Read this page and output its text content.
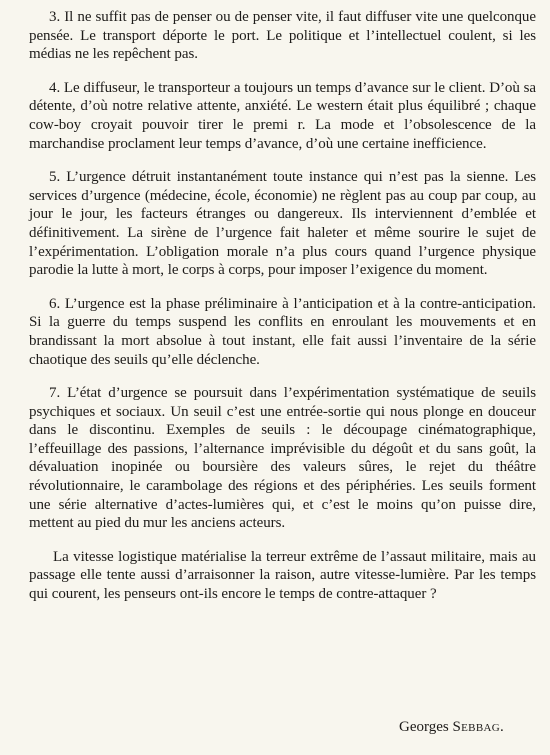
3. Il ne suffit pas de penser ou de penser vite, il faut diffuser vite une quelconque pensée. Le transport déporte le port. Le politique et l’intellectuel coulent, si les médias ne les repêchent pas.

4. Le diffuseur, le transporteur a toujours un temps d’avance sur le client. D’où sa détente, d’où notre relative attente, anxiété. Le western était plus équilibré ; chaque cow-boy croyait pouvoir tirer le premi r. La mode et l’obsolescence de la marchandise proclament leur temps d’avance, d’où une certaine inefficience.

5. L’urgence détruit instantanément toute instance qui n’est pas la sienne. Les services d’urgence (médecine, école, économie) ne règlent pas au coup par coup, au jour le jour, les facteurs étranges ou dangereux. Ils interviennent d’emblée et définitivement. La sirène de l’urgence fait haleter et même sourire le sujet de l’expérimentation. L’obligation morale n’a plus cours quand l’urgence physique parodie la lutte à mort, le corps à corps, pour imposer l’exigence du moment.

6. L’urgence est la phase préliminaire à l’anticipation et à la contre-anticipation. Si la guerre du temps suspend les conflits en enroulant les mouvements et en brandissant la mort absolue à tout instant, elle fait aussi l’inventaire de la série chaotique des seuils qu’elle déclenche.

7. L’état d’urgence se poursuit dans l’expérimentation systématique de seuils psychiques et sociaux. Un seuil c’est une entrée-sortie qui nous plonge en douceur dans le discontinu. Exemples de seuils : le découpage cinématographique, l’effeuillage des passions, l’alternance imprévisible du dégoût et du sans goût, la dévaluation inopinée ou boursière des valeurs sûres, le rejet du théâtre révolutionnaire, le carambolage des régions et des périphéries. Les seuils forment une série alternative d’actes-lumières qui, et c’est le moins qu’on puisse dire, mettent au pied du mur les anciens acteurs.

La vitesse logistique matérialise la terreur extrême de l’assaut militaire, mais au passage elle tente aussi d’arraisonner la raison, autre vitesse-lumière. Par les temps qui courent, les penseurs ont-ils encore le temps de contre-attaquer ?

Georges Sebbag.
